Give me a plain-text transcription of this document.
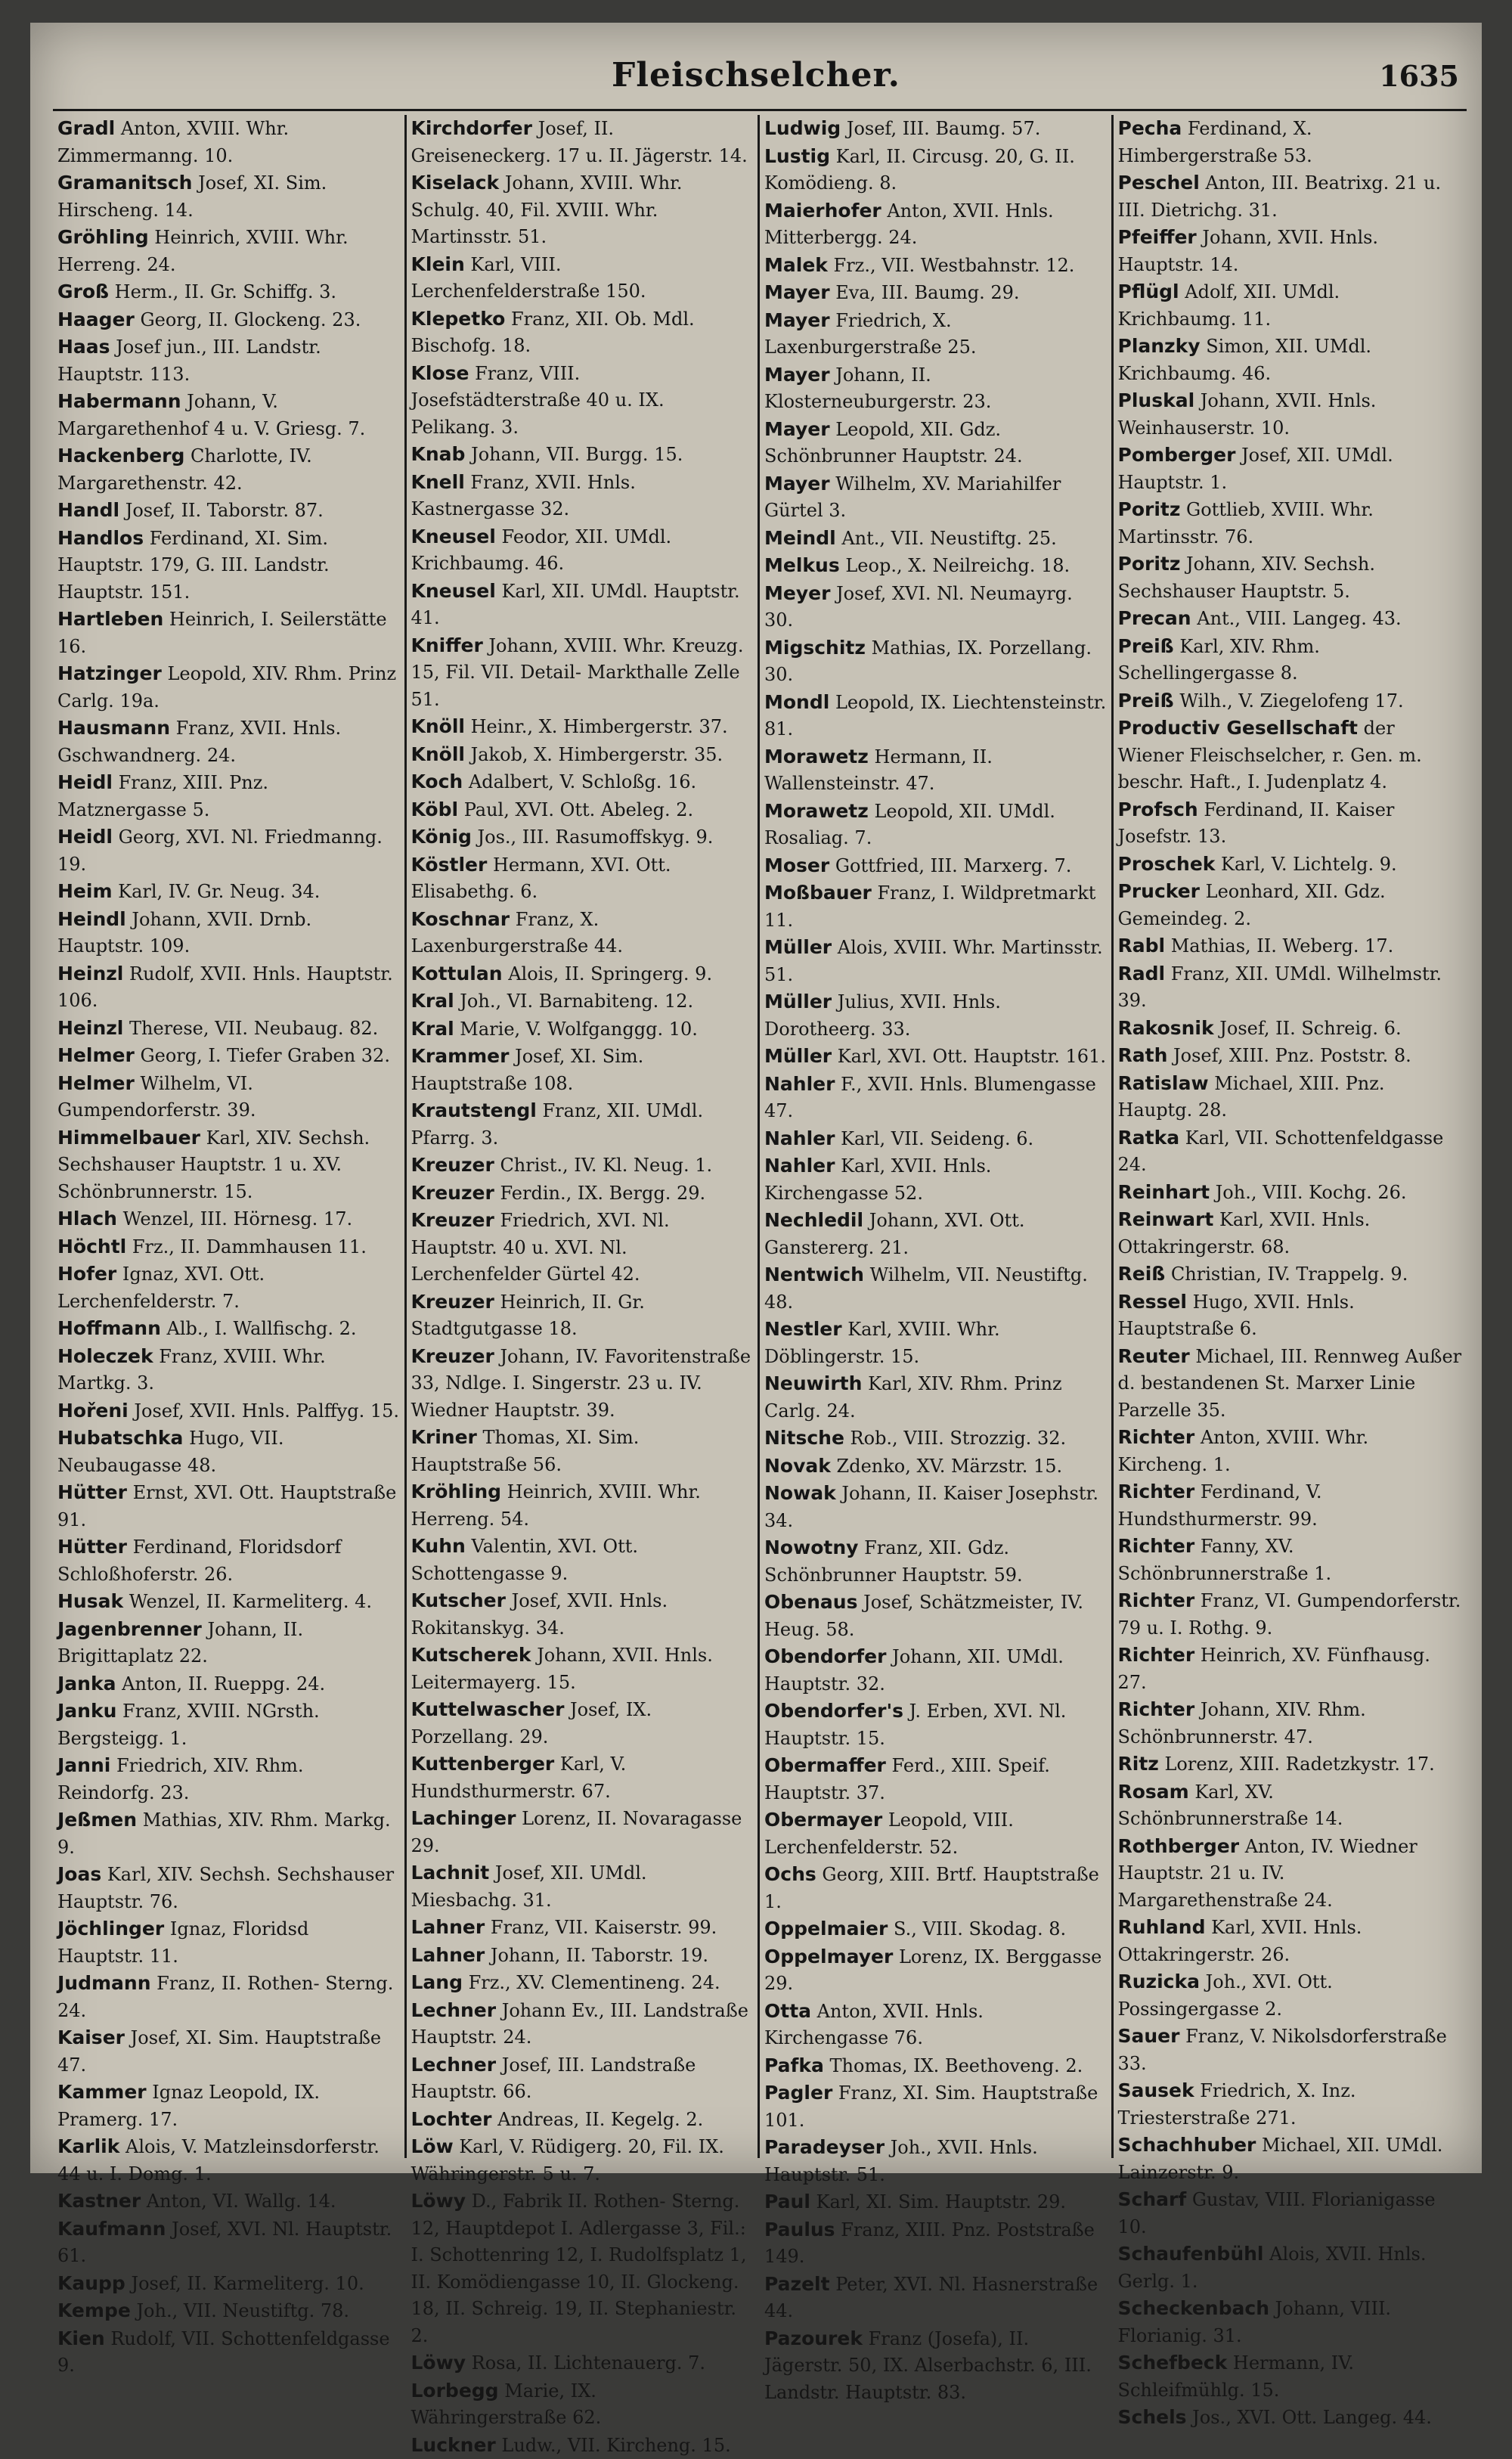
Fleischselcher.	1635

Gradl Anton, XVIII. Whr. Zimmermanng. 10.

Gramanitsch Josef, XI. Sim. Hirscheng. 14.

Gröhling Heinrich, XVIII. Whr. Herreng. 24.

Groß Herm., II. Gr. Schiffg. 3.

Haager Georg, II. Glockeng. 23.

Haas Josef jun., III. Landstr. Hauptstr. 113.

Habermann Johann, V. Margarethenhof 4 u. V. Griesg. 7.

Hackenberg Charlotte, IV. Margarethenstr. 42.

Handl Josef, II. Taborstr. 87.

Handlos Ferdinand, XI. Sim. Hauptstr. 179, G. III. Landstr. Hauptstr. 151.

Hartleben Heinrich, I. Seilerstätte 16.

Hatzinger Leopold, XIV. Rhm. Prinz Carlg. 19a.

Hausmann Franz, XVII. Hnls. Gschwandnerg. 24.

Heidl Franz, XIII. Pnz. Matznergasse 5.

Heidl Georg, XVI. Nl. Friedmanng. 19.

Heim Karl, IV. Gr. Neug. 34.

Heindl Johann, XVII. Drnb. Hauptstr. 109.

Heinzl Rudolf, XVII. Hnls. Hauptstr. 106.

Heinzl Therese, VII. Neubaug. 82.

Helmer Georg, I. Tiefer Graben 32.

Helmer Wilhelm, VI. Gumpendorferstr. 39.

Himmelbauer Karl, XIV. Sechsh. Sechshauser Hauptstr. 1 u. XV. Schönbrunnerstr. 15.

Hlach Wenzel, III. Hörnesg. 17.

Höchtl Frz., II. Dammhausen 11.

Hofer Ignaz, XVI. Ott. Lerchenfelderstr. 7.

Hoffmann Alb., I. Wallfischg. 2.

Holeczek Franz, XVIII. Whr. Martkg. 3.

Hořeni Josef, XVII. Hnls. Palffyg. 15.

Hubatschka Hugo, VII. Neubaugasse 48.

Hütter Ernst, XVI. Ott. Hauptstraße 91.

Hütter Ferdinand, Floridsdorf Schloßhoferstr. 26.

Husak Wenzel, II. Karmeliterg. 4.

Jagenbrenner Johann, II. Brigittaplatz 22.

Janka Anton, II. Rueppg. 24.

Janku Franz, XVIII. NGrsth. Bergsteigg. 1.

Janni Friedrich, XIV. Rhm. Reindorfg. 23.

Jeßmen Mathias, XIV. Rhm. Markg. 9.

Joas Karl, XIV. Sechsh. Sechshauser Hauptstr. 76.

Jöchlinger Ignaz, Floridsd Hauptstr. 11.

Judmann Franz, II. Rothen- Sterng. 24.

Kaiser Josef, XI. Sim. Hauptstraße 47.

Kammer Ignaz Leopold, IX. Pramerg. 17.

Karlik Alois, V. Matzleinsdorferstr. 44 u. I. Domg. 1.

Kastner Anton, VI. Wallg. 14.

Kaufmann Josef, XVI. Nl. Hauptstr. 61.

Kaupp Josef, II. Karmeliterg. 10.

Kempe Joh., VII. Neustiftg. 78.

Kien Rudolf, VII. Schottenfeldgasse 9.

Kirchdorfer Josef, II. Greiseneckerg. 17 u. II. Jägerstr. 14.

Kiselack Johann, XVIII. Whr. Schulg. 40, Fil. XVIII. Whr. Martinsstr. 51.

Klein Karl, VIII. Lerchenfelderstraße 150.

Klepetko Franz, XII. Ob. Mdl. Bischofg. 18.

Klose Franz, VIII. Josefstädterstraße 40 u. IX. Pelikang. 3.

Knab Johann, VII. Burgg. 15.

Knell Franz, XVII. Hnls. Kastnergasse 32.

Kneusel Feodor, XII. UMdl. Krichbaumg. 46.

Kneusel Karl, XII. UMdl. Hauptstr. 41.

Kniffer Johann, XVIII. Whr. Kreuzg. 15, Fil. VII. Detail- Markthalle Zelle 51.

Knöll Heinr., X. Himbergerstr. 37.

Knöll Jakob, X. Himbergerstr. 35.

Koch Adalbert, V. Schloßg. 16.

Köbl Paul, XVI. Ott. Abeleg. 2.

König Jos., III. Rasumoffskyg. 9.

Köstler Hermann, XVI. Ott. Elisabethg. 6.

Koschnar Franz, X. Laxenburgerstraße 44.

Kottulan Alois, II. Springerg. 9.

Kral Joh., VI. Barnabiteng. 12.

Kral Marie, V. Wolfganggg. 10.

Krammer Josef, XI. Sim. Hauptstraße 108.

Krautstengl Franz, XII. UMdl. Pfarrg. 3.

Kreuzer Christ., IV. Kl. Neug. 1.

Kreuzer Ferdin., IX. Bergg. 29.

Kreuzer Friedrich, XVI. Nl. Hauptstr. 40 u. XVI. Nl. Lerchenfelder Gürtel 42.

Kreuzer Heinrich, II. Gr. Stadtgutgasse 18.

Kreuzer Johann, IV. Favoritenstraße 33, Ndlge. I. Singerstr. 23 u. IV. Wiedner Hauptstr. 39.

Kriner Thomas, XI. Sim. Hauptstraße 56.

Kröhling Heinrich, XVIII. Whr. Herreng. 54.

Kuhn Valentin, XVI. Ott. Schottengasse 9.

Kutscher Josef, XVII. Hnls. Rokitanskyg. 34.

Kutscherek Johann, XVII. Hnls. Leitermayerg. 15.

Kuttelwascher Josef, IX. Porzellang. 29.

Kuttenberger Karl, V. Hundsthurmerstr. 67.

Lachinger Lorenz, II. Novaragasse 29.

Lachnit Josef, XII. UMdl. Miesbachg. 31.

Lahner Franz, VII. Kaiserstr. 99.

Lahner Johann, II. Taborstr. 19.

Lang Frz., XV. Clementineng. 24.

Lechner Johann Ev., III. Landstraße Hauptstr. 24.

Lechner Josef, III. Landstraße Hauptstr. 66.

Lochter Andreas, II. Kegelg. 2.

Löw Karl, V. Rüdigerg. 20, Fil. IX. Währingerstr. 5 u. 7.

Löwy D., Fabrik II. Rothen- Sterng. 12, Hauptdepot I. Adlergasse 3, Fil.: I. Schottenring 12, I. Rudolfsplatz 1, II. Komödiengasse 10, II. Glockeng. 18, II. Schreig. 19, II. Stephaniestr. 2.

Löwy Rosa, II. Lichtenauerg. 7.

Lorbegg Marie, IX. Währingerstraße 62.

Luckner Ludw., VII. Kircheng. 15.

Ludwig Josef, III. Baumg. 57.

Lustig Karl, II. Circusg. 20, G. II. Komödieng. 8.

Maierhofer Anton, XVII. Hnls. Mitterbergg. 24.

Malek Frz., VII. Westbahnstr. 12.

Mayer Eva, III. Baumg. 29.

Mayer Friedrich, X. Laxenburgerstraße 25.

Mayer Johann, II. Klosterneuburgerstr. 23.

Mayer Leopold, XII. Gdz. Schönbrunner Hauptstr. 24.

Mayer Wilhelm, XV. Mariahilfer Gürtel 3.

Meindl Ant., VII. Neustiftg. 25.

Melkus Leop., X. Neilreichg. 18.

Meyer Josef, XVI. Nl. Neumayrg. 30.

Migschitz Mathias, IX. Porzellang. 30.

Mondl Leopold, IX. Liechtensteinstr. 81.

Morawetz Hermann, II. Wallensteinstr. 47.

Morawetz Leopold, XII. UMdl. Rosaliag. 7.

Moser Gottfried, III. Marxerg. 7.

Moßbauer Franz, I. Wildpretmarkt 11.

Müller Alois, XVIII. Whr. Martinsstr. 51.

Müller Julius, XVII. Hnls. Dorotheerg. 33.

Müller Karl, XVI. Ott. Hauptstr. 161.

Nahler F., XVII. Hnls. Blumengasse 47.

Nahler Karl, VII. Seideng. 6.

Nahler Karl, XVII. Hnls. Kirchengasse 52.

Nechledil Johann, XVI. Ott. Ganstererg. 21.

Nentwich Wilhelm, VII. Neustiftg. 48.

Nestler Karl, XVIII. Whr. Döblingerstr. 15.

Neuwirth Karl, XIV. Rhm. Prinz Carlg. 24.

Nitsche Rob., VIII. Strozzig. 32.

Novak Zdenko, XV. Märzstr. 15.

Nowak Johann, II. Kaiser Josephstr. 34.

Nowotny Franz, XII. Gdz. Schönbrunner Hauptstr. 59.

Obenaus Josef, Schätzmeister, IV. Heug. 58.

Obendorfer Johann, XII. UMdl. Hauptstr. 32.

Obendorfer's J. Erben, XVI. Nl. Hauptstr. 15.

Obermaffer Ferd., XIII. Speif. Hauptstr. 37.

Obermayer Leopold, VIII. Lerchenfelderstr. 52.

Ochs Georg, XIII. Brtf. Hauptstraße 1.

Oppelmaier S., VIII. Skodag. 8.

Oppelmayer Lorenz, IX. Berggasse 29.

Otta Anton, XVII. Hnls. Kirchengasse 76.

Pafka Thomas, IX. Beethoveng. 2.

Pagler Franz, XI. Sim. Hauptstraße 101.

Paradeyser Joh., XVII. Hnls. Hauptstr. 51.

Paul Karl, XI. Sim. Hauptstr. 29.

Paulus Franz, XIII. Pnz. Poststraße 149.

Pazelt Peter, XVI. Nl. Hasnerstraße 44.

Pazourek Franz (Josefa), II. Jägerstr. 50, IX. Alserbachstr. 6, III. Landstr. Hauptstr. 83.

Pecha Ferdinand, X. Himbergerstraße 53.

Peschel Anton, III. Beatrixg. 21 u. III. Dietrichg. 31.

Pfeiffer Johann, XVII. Hnls. Hauptstr. 14.

Pflügl Adolf, XII. UMdl. Krichbaumg. 11.

Planzky Simon, XII. UMdl. Krichbaumg. 46.

Pluskal Johann, XVII. Hnls. Weinhauserstr. 10.

Pomberger Josef, XII. UMdl. Hauptstr. 1.

Poritz Gottlieb, XVIII. Whr. Martinsstr. 76.

Poritz Johann, XIV. Sechsh. Sechshauser Hauptstr. 5.

Precan Ant., VIII. Langeg. 43.

Preiß Karl, XIV. Rhm. Schellingergasse 8.

Preiß Wilh., V. Ziegelofeng 17.

Productiv Gesellschaft der Wiener Fleischselcher, r. Gen. m. beschr. Haft., I. Judenplatz 4.

Profsch Ferdinand, II. Kaiser Josefstr. 13.

Proschek Karl, V. Lichtelg. 9.

Prucker Leonhard, XII. Gdz. Gemeindeg. 2.

Rabl Mathias, II. Weberg. 17.

Radl Franz, XII. UMdl. Wilhelmstr. 39.

Rakosnik Josef, II. Schreig. 6.

Rath Josef, XIII. Pnz. Poststr. 8.

Ratislaw Michael, XIII. Pnz. Hauptg. 28.

Ratka Karl, VII. Schottenfeldgasse 24.

Reinhart Joh., VIII. Kochg. 26.

Reinwart Karl, XVII. Hnls. Ottakringerstr. 68.

Reiß Christian, IV. Trappelg. 9.

Ressel Hugo, XVII. Hnls. Hauptstraße 6.

Reuter Michael, III. Rennweg Außer d. bestandenen St. Marxer Linie Parzelle 35.

Richter Anton, XVIII. Whr. Kircheng. 1.

Richter Ferdinand, V. Hundsthurmerstr. 99.

Richter Fanny, XV. Schönbrunnerstraße 1.

Richter Franz, VI. Gumpendorferstr. 79 u. I. Rothg. 9.

Richter Heinrich, XV. Fünfhausg. 27.

Richter Johann, XIV. Rhm. Schönbrunnerstr. 47.

Ritz Lorenz, XIII. Radetzkystr. 17.

Rosam Karl, XV. Schönbrunnerstraße 14.

Rothberger Anton, IV. Wiedner Hauptstr. 21 u. IV. Margarethenstraße 24.

Ruhland Karl, XVII. Hnls. Ottakringerstr. 26.

Ruzicka Joh., XVI. Ott. Possingergasse 2.

Sauer Franz, V. Nikolsdorferstraße 33.

Sausek Friedrich, X. Inz. Triesterstraße 271.

Schachhuber Michael, XII. UMdl. Lainzerstr. 9.

Scharf Gustav, VIII. Florianigasse 10.

Schaufenbühl Alois, XVII. Hnls. Gerlg. 1.

Scheckenbach Johann, VIII. Florianig. 31.

Schefbeck Hermann, IV. Schleifmühlg. 15.

Schels Jos., XVI. Ott. Langeg. 44.
